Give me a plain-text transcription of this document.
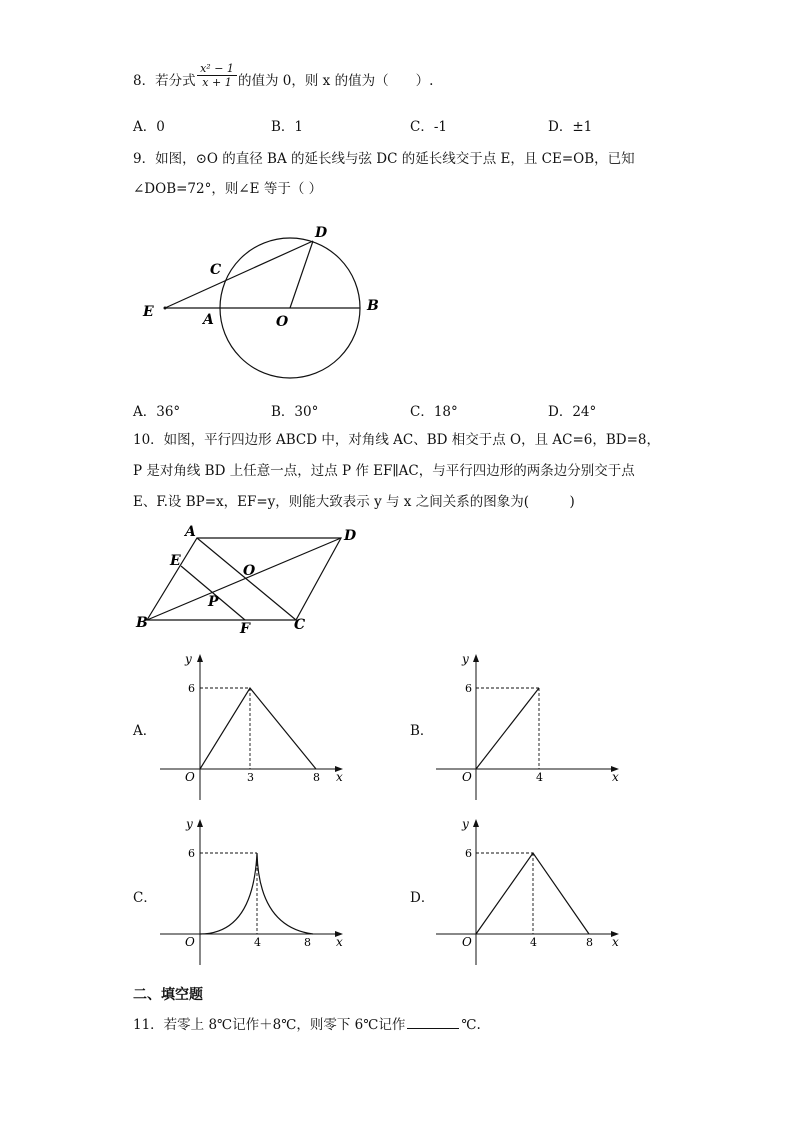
8．若分式 $\frac{\text{x² − 1}}{x + 1}$ 的值为 0，则 x 的值为（　　）.
A．0	B．1	C．-1	D．±1
9．如图，⊙O 的直径 BA 的延长线与弦 DC 的延长线交于点 E，且 CE=OB，已知
∠DOB=72°，则∠E 等于（ ）
D
C
E	A	O
B
A．36°	B．30°	C．18°	D．24°
10．如图，平行四边形 ABCD 中，对角线 AC、BD 相交于点 O，且 AC=6，BD=8，
P 是对角线 BD 上任意一点，过点 P 作 EF∥AC，与平行四边形的两条边分别交于点
E、F.设 BP=x，EF=y，则能大致表示 y 与 x 之间关系的图象为(　　　)
A	D
E
O
P
B	F	C
A．
y
6
O	3	8 x
B．
y
6
O	4	x
C．
y
6
O	4	8 x
D．
y
6
O	4	8 x
二、填空题
11．若零上 8℃记作＋8℃，则零下 6℃记作	℃.
